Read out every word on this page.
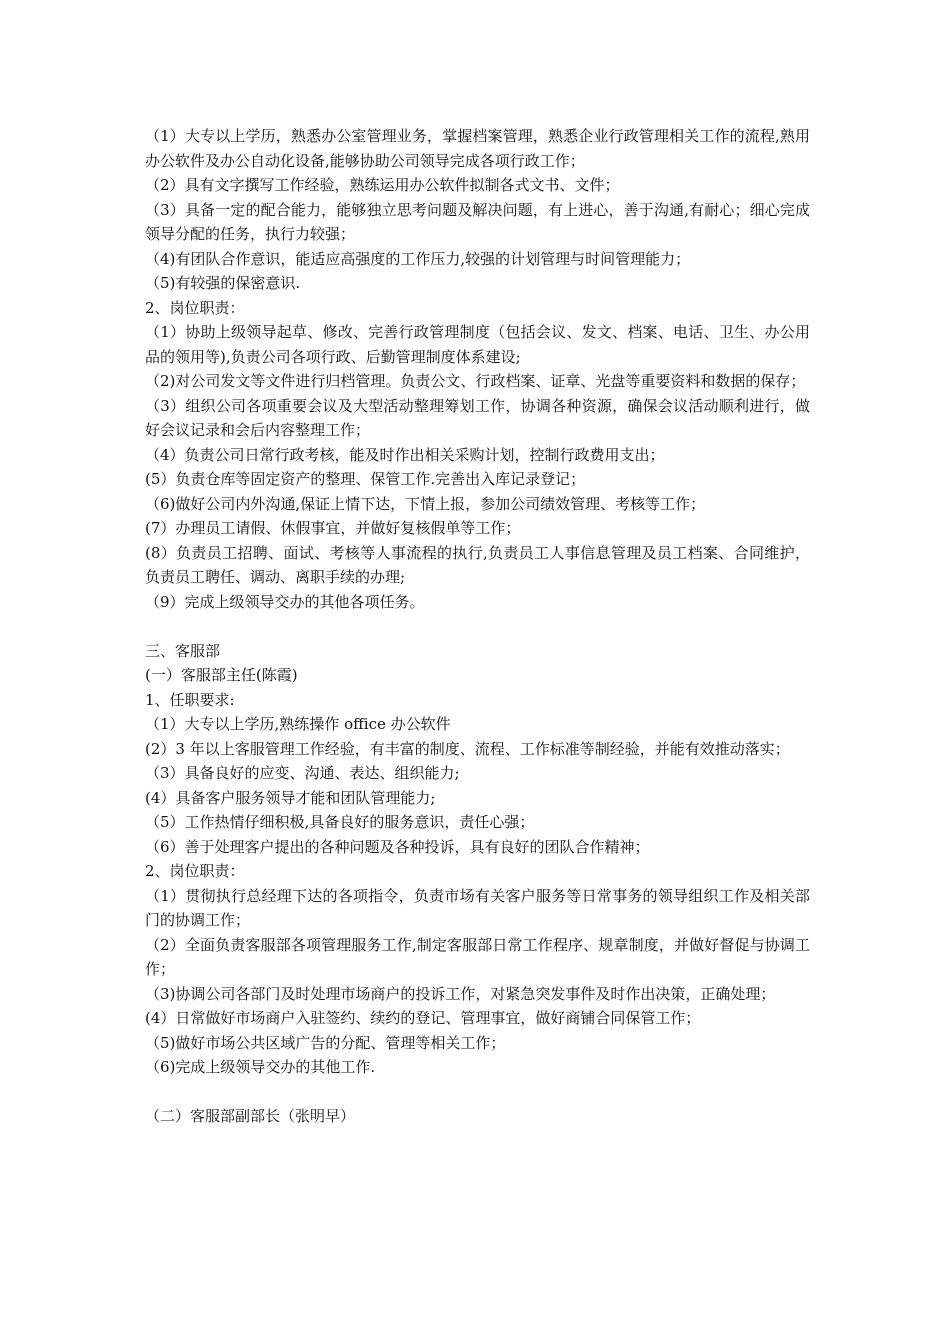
（1）大专以上学历，熟悉办公室管理业务，掌握档案管理，熟悉企业行政管理相关工作的流程,熟用办公软件及办公自动化设备,能够协助公司领导完成各项行政工作；

（2）具有文字撰写工作经验，熟练运用办公软件拟制各式文书、文件；

（3）具备一定的配合能力，能够独立思考问题及解决问题，有上进心，善于沟通,有耐心；细心完成领导分配的任务，执行力较强；

（4)有团队合作意识，能适应高强度的工作压力,较强的计划管理与时间管理能力；

（5)有较强的保密意识.

2、岗位职责：

（1）协助上级领导起草、修改、完善行政管理制度（包括会议、发文、档案、电话、卫生、办公用品的领用等),负责公司各项行政、后勤管理制度体系建设;

（2)对公司发文等文件进行归档管理。负责公文、行政档案、证章、光盘等重要资料和数据的保存；

（3）组织公司各项重要会议及大型活动整理筹划工作，协调各种资源，确保会议活动顺利进行，做好会议记录和会后内容整理工作；

（4）负责公司日常行政考核，能及时作出相关采购计划，控制行政费用支出；

(5）负责仓库等固定资产的整理、保管工作.完善出入库记录登记；

（6)做好公司内外沟通,保证上情下达，下情上报，参加公司绩效管理、考核等工作；

(7）办理员工请假、休假事宜，并做好复核假单等工作；

(8）负责员工招聘、面试、考核等人事流程的执行,负责员工人事信息管理及员工档案、合同维护，负责员工聘任、调动、离职手续的办理;

（9）完成上级领导交办的其他各项任务。

三、客服部

(一）客服部主任(陈霞)

1、任职要求:

（1）大专以上学历,熟练操作 office 办公软件

(2）3 年以上客服管理工作经验，有丰富的制度、流程、工作标准等制经验，并能有效推动落实；

（3）具备良好的应变、沟通、表达、组织能力;

(4）具备客户服务领导才能和团队管理能力;

（5）工作热情仔细积极,具备良好的服务意识，责任心强；

（6）善于处理客户提出的各种问题及各种投诉，具有良好的团队合作精神；

2、岗位职责：

（1）贯彻执行总经理下达的各项指令，负责市场有关客户服务等日常事务的领导组织工作及相关部门的协调工作；

（2）全面负责客服部各项管理服务工作,制定客服部日常工作程序、规章制度，并做好督促与协调工作；

（3)协调公司各部门及时处理市场商户的投诉工作，对紧急突发事件及时作出决策，正确处理；

(4）日常做好市场商户入驻签约、续约的登记、管理事宜，做好商铺合同保管工作；

（5)做好市场公共区域广告的分配、管理等相关工作；

（6)完成上级领导交办的其他工作.

（二）客服部副部长（张明早）
